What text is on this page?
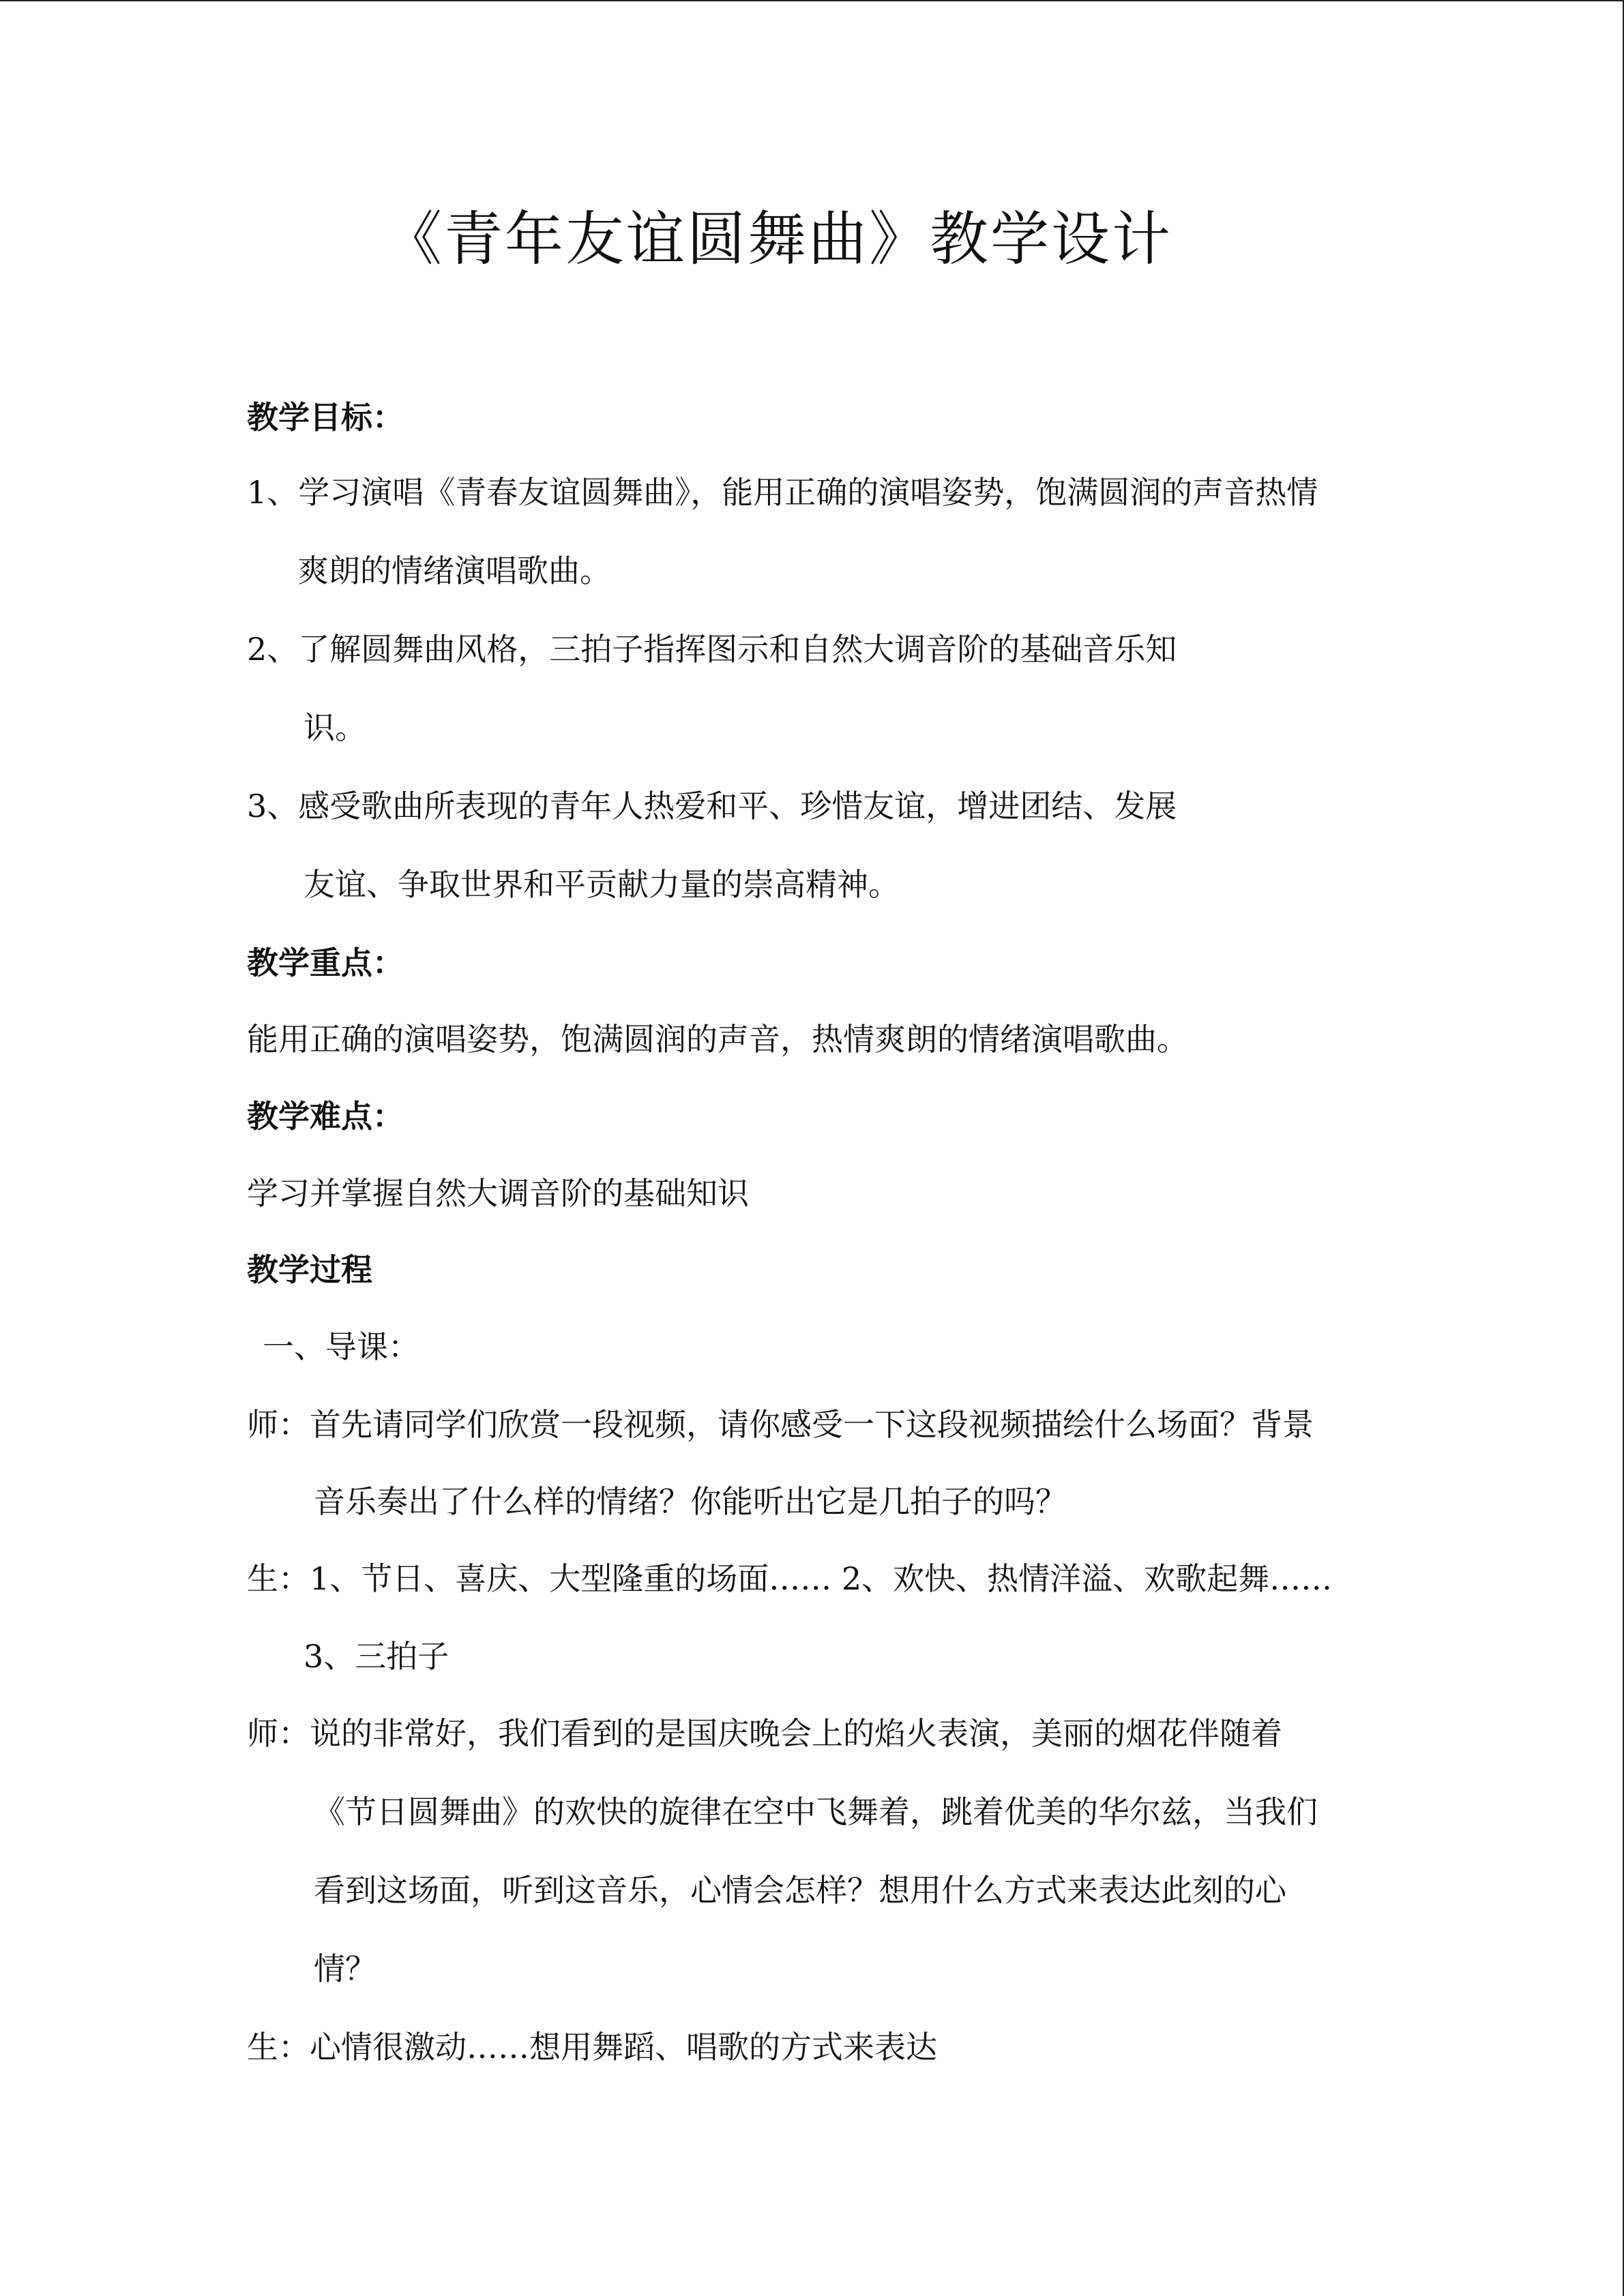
《青年友谊圆舞曲》教学设计
教学目标：
1、学习演唱《青春友谊圆舞曲》，能用正确的演唱姿势，饱满圆润的声音热情
爽朗的情绪演唱歌曲。
2、了解圆舞曲风格，三拍子指挥图示和自然大调音阶的基础音乐知
识。
3、感受歌曲所表现的青年人热爱和平、珍惜友谊，增进团结、发展
友谊、争取世界和平贡献力量的崇高精神。
教学重点：
能用正确的演唱姿势，饱满圆润的声音，热情爽朗的情绪演唱歌曲。
教学难点：
学习并掌握自然大调音阶的基础知识
教学过程
一、导课：
师：首先请同学们欣赏一段视频，请你感受一下这段视频描绘什么场面？背景
音乐奏出了什么样的情绪？你能听出它是几拍子的吗？
生：1、节日、喜庆、大型隆重的场面…… 2、欢快、热情洋溢、欢歌起舞……
3、三拍子
师：说的非常好，我们看到的是国庆晚会上的焰火表演，美丽的烟花伴随着
《节日圆舞曲》的欢快的旋律在空中飞舞着，跳着优美的华尔兹，当我们
看到这场面，听到这音乐，心情会怎样？想用什么方式来表达此刻的心
情？
生：心情很激动……想用舞蹈、唱歌的方式来表达
